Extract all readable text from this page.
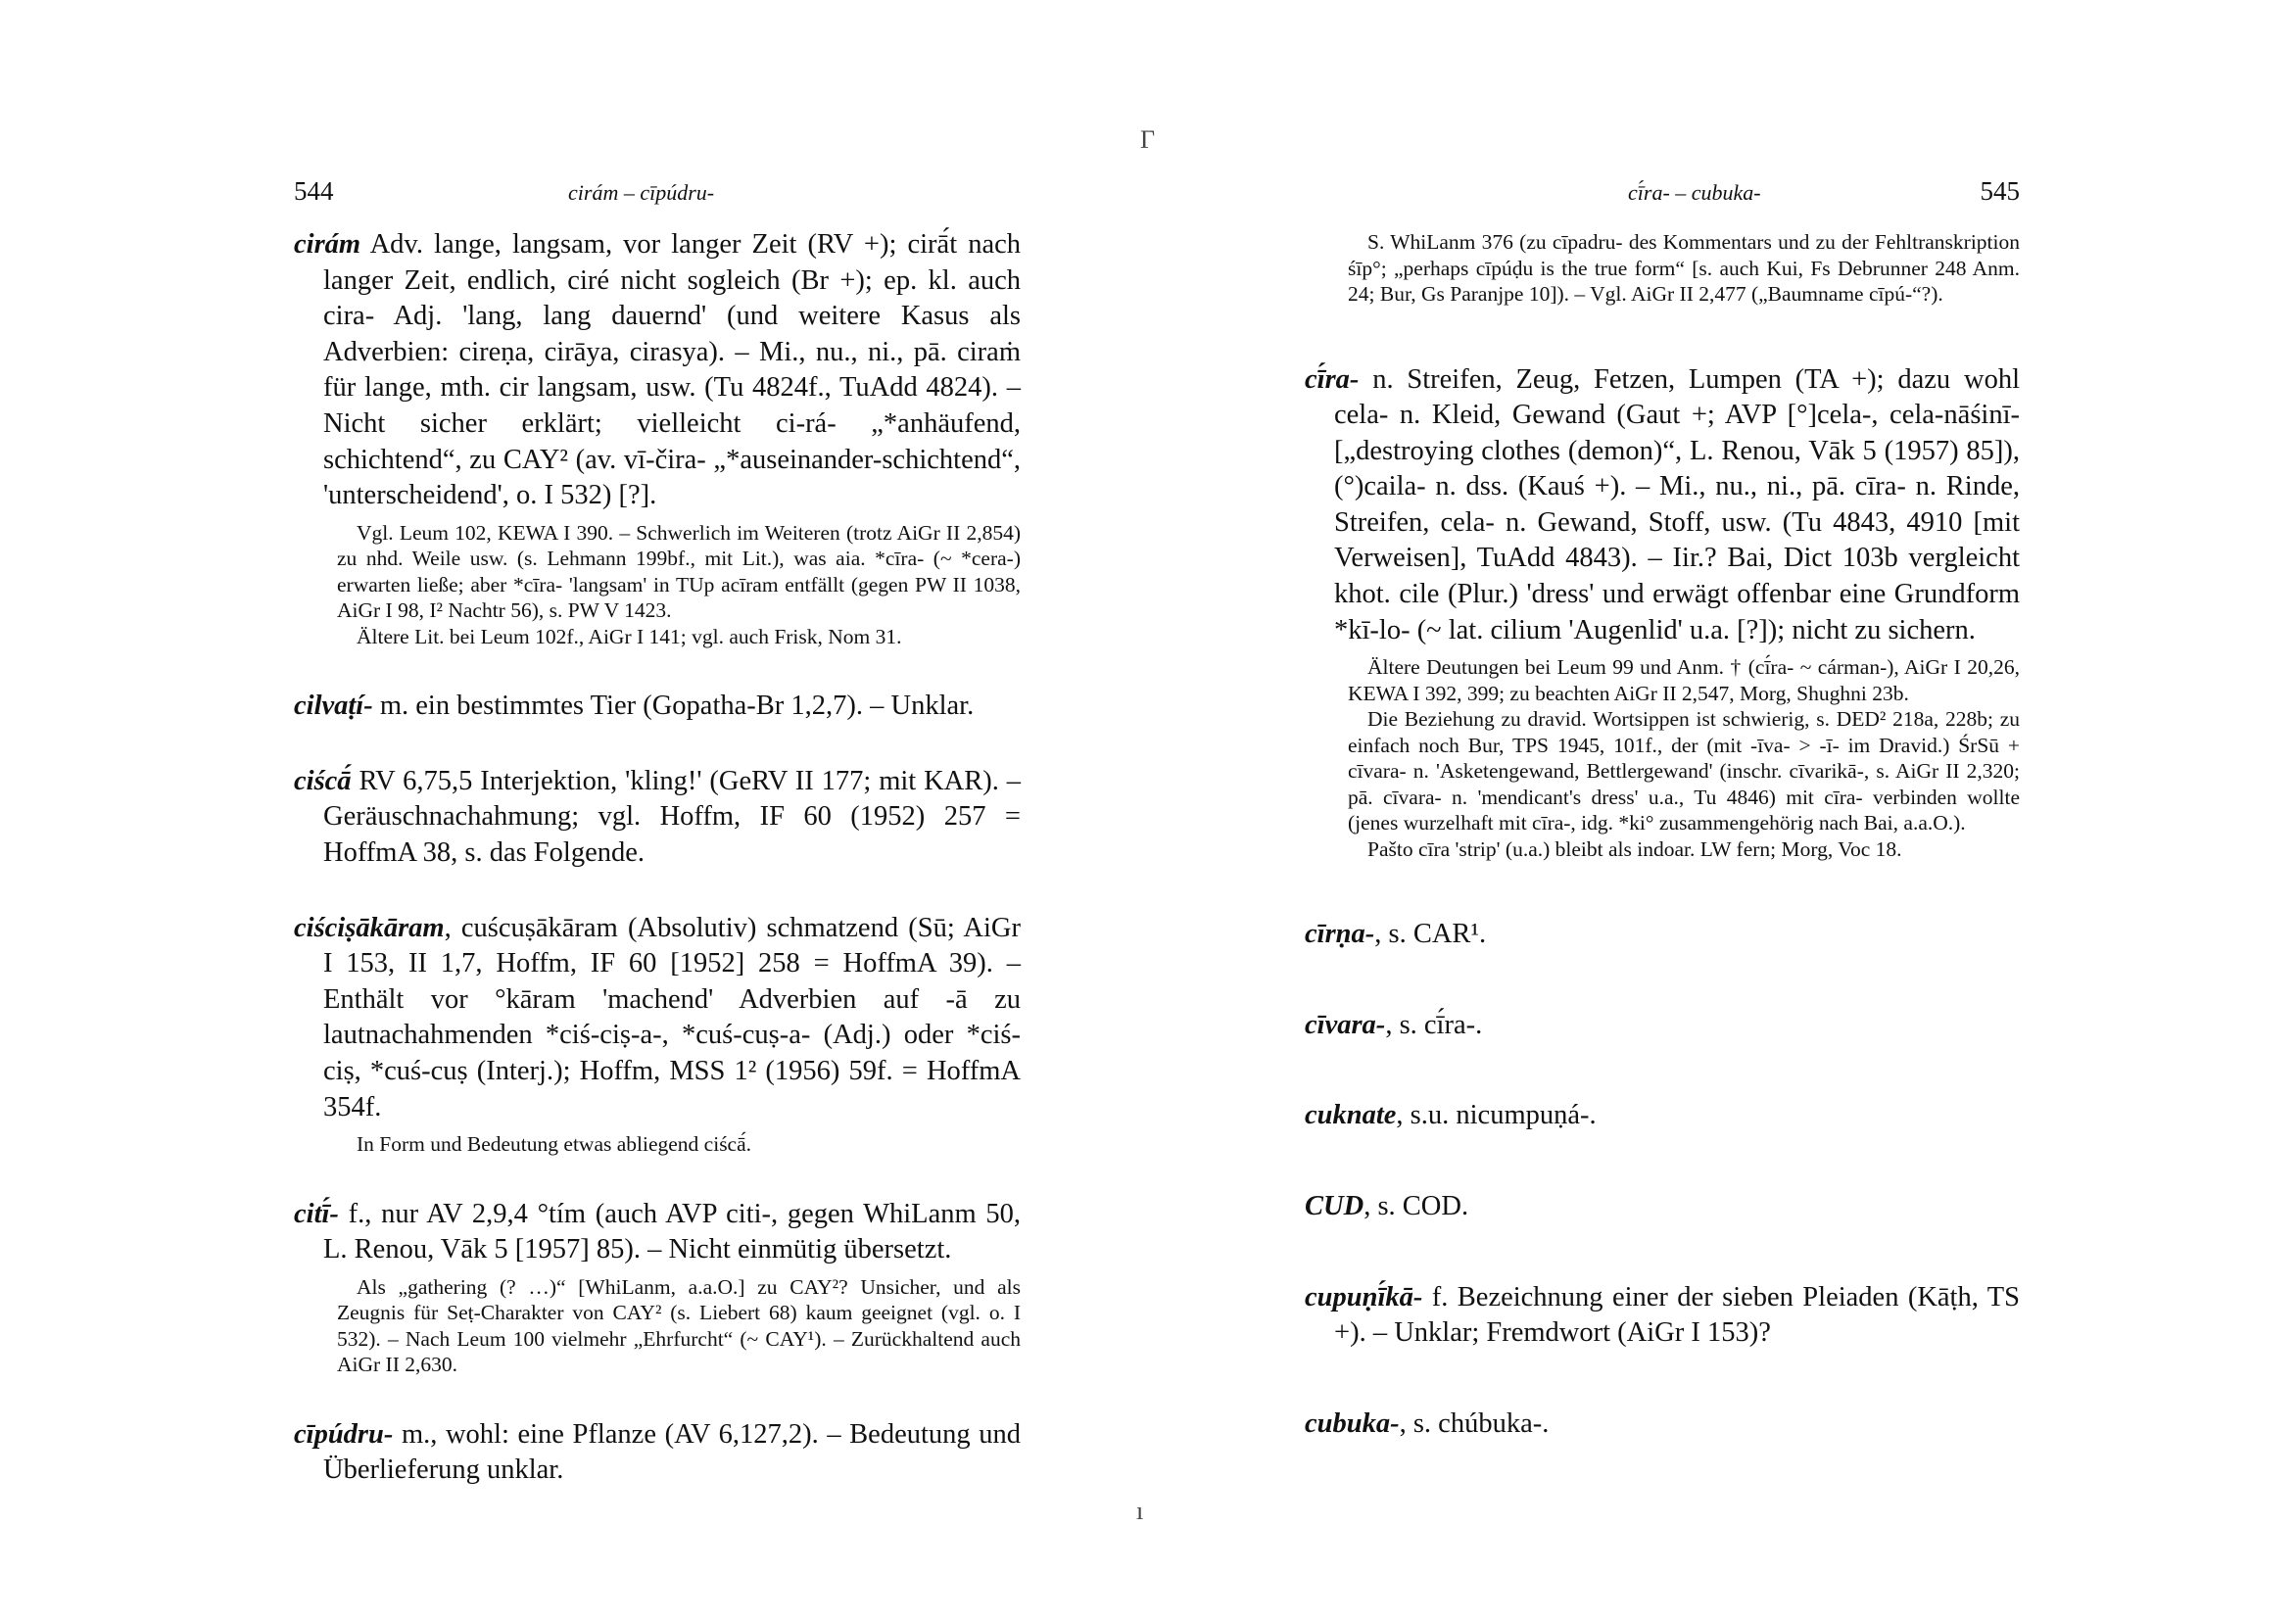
Γ
ı
544	cirám – cīpúdru-

cirám Adv. lange, langsam, vor langer Zeit (RV +); cirā́t nach langer Zeit, endlich, ciré nicht sogleich (Br +); ep. kl. auch cira- Adj. 'lang, lang dauernd' (und weitere Kasus als Adverbien: cireṇa, cirāya, cirasya). – Mi., nu., ni., pā. ciraṁ für lange, mth. cir langsam, usw. (Tu 4824f., TuAdd 4824). – Nicht sicher erklärt; vielleicht ci-rá- „*anhäufend, schichtend“, zu CAY² (av. vī-čira- „*auseinander-schichtend“, 'unterscheidend', o. I 532) [?].

Vgl. Leum 102, KEWA I 390. – Schwerlich im Weiteren (trotz AiGr II 2,854) zu nhd. Weile usw. (s. Lehmann 199bf., mit Lit.), was aia. *cīra- (~ *cera-) erwarten ließe; aber *cīra- 'langsam' in TUp acīram entfällt (gegen PW II 1038, AiGr I 98, I² Nachtr 56), s. PW V 1423.

Ältere Lit. bei Leum 102f., AiGr I 141; vgl. auch Frisk, Nom 31.

cilvaṭí- m. ein bestimmtes Tier (Gopatha-Br 1,2,7). – Unklar.

ciścā́ RV 6,75,5 Interjektion, 'kling!' (GeRV II 177; mit KAR). – Geräuschnachahmung; vgl. Hoffm, IF 60 (1952) 257 = HoffmA 38, s. das Folgende.

ciściṣākāram, cuścuṣākāram (Absolutiv) schmatzend (Sū; AiGr I 153, II 1,7, Hoffm, IF 60 [1952] 258 = HoffmA 39). – Enthält vor °kāram 'machend' Adverbien auf -ā zu lautnachahmenden *ciś-ciṣ-a-, *cuś-cuṣ-a- (Adj.) oder *ciś-ciṣ, *cuś-cuṣ (Interj.); Hoffm, MSS 1² (1956) 59f. = HoffmA 354f.

In Form und Bedeutung etwas abliegend ciścā́.

citī́- f., nur AV 2,9,4 °tím (auch AVP citi-, gegen WhiLanm 50, L. Renou, Vāk 5 [1957] 85). – Nicht einmütig übersetzt.

Als „gathering (? …)“ [WhiLanm, a.a.O.] zu CAY²? Unsicher, und als Zeugnis für Seṭ-Charakter von CAY² (s. Liebert 68) kaum geeignet (vgl. o. I 532). – Nach Leum 100 vielmehr „Ehrfurcht“ (~ CAY¹). – Zurückhaltend auch AiGr II 2,630.

cīpúdru- m., wohl: eine Pflanze (AV 6,127,2). – Bedeutung und Überlieferung unklar.

cī́ra- – cubuka-	545

S. WhiLanm 376 (zu cīpadru- des Kommentars und zu der Fehltranskription śīp°; „perhaps cīpúḍu is the true form“ [s. auch Kui, Fs Debrunner 248 Anm. 24; Bur, Gs Paranjpe 10]). – Vgl. AiGr II 2,477 („Baumname cīpú-“?).

cī́ra- n. Streifen, Zeug, Fetzen, Lumpen (TA +); dazu wohl cela- n. Kleid, Gewand (Gaut +; AVP [°]cela-, cela-nāśinī- [„destroying clothes (demon)“, L. Renou, Vāk 5 (1957) 85]), (°)caila- n. dss. (Kauś +). – Mi., nu., ni., pā. cīra- n. Rinde, Streifen, cela- n. Gewand, Stoff, usw. (Tu 4843, 4910 [mit Verweisen], TuAdd 4843). – Iir.? Bai, Dict 103b vergleicht khot. cile (Plur.) 'dress' und erwägt offenbar eine Grundform *kī-lo- (~ lat. cilium 'Augenlid' u.a. [?]); nicht zu sichern.

Ältere Deutungen bei Leum 99 und Anm. † (cī́ra- ~ cárman-), AiGr I 20,26, KEWA I 392, 399; zu beachten AiGr II 2,547, Morg, Shughni 23b.

Die Beziehung zu dravid. Wortsippen ist schwierig, s. DED² 218a, 228b; zu einfach noch Bur, TPS 1945, 101f., der (mit -īva- > -ī- im Dravid.) ŚrSū + cīvara- n. 'Asketengewand, Bettlergewand' (inschr. cīvarikā-, s. AiGr II 2,320; pā. cīvara- n. 'mendicant's dress' u.a., Tu 4846) mit cīra- verbinden wollte (jenes wurzelhaft mit cīra-, idg. *ki° zusammengehörig nach Bai, a.a.O.).

Pašto cīra 'strip' (u.a.) bleibt als indoar. LW fern; Morg, Voc 18.

cīrṇa-, s. CAR¹.

cīvara-, s. cī́ra-.

cuknate, s.u. nicumpuṇá-.

CUD, s. COD.

cupuṇī́kā- f. Bezeichnung einer der sieben Pleiaden (Kāṭh, TS +). – Unklar; Fremdwort (AiGr I 153)?

cubuka-, s. chúbuka-.
